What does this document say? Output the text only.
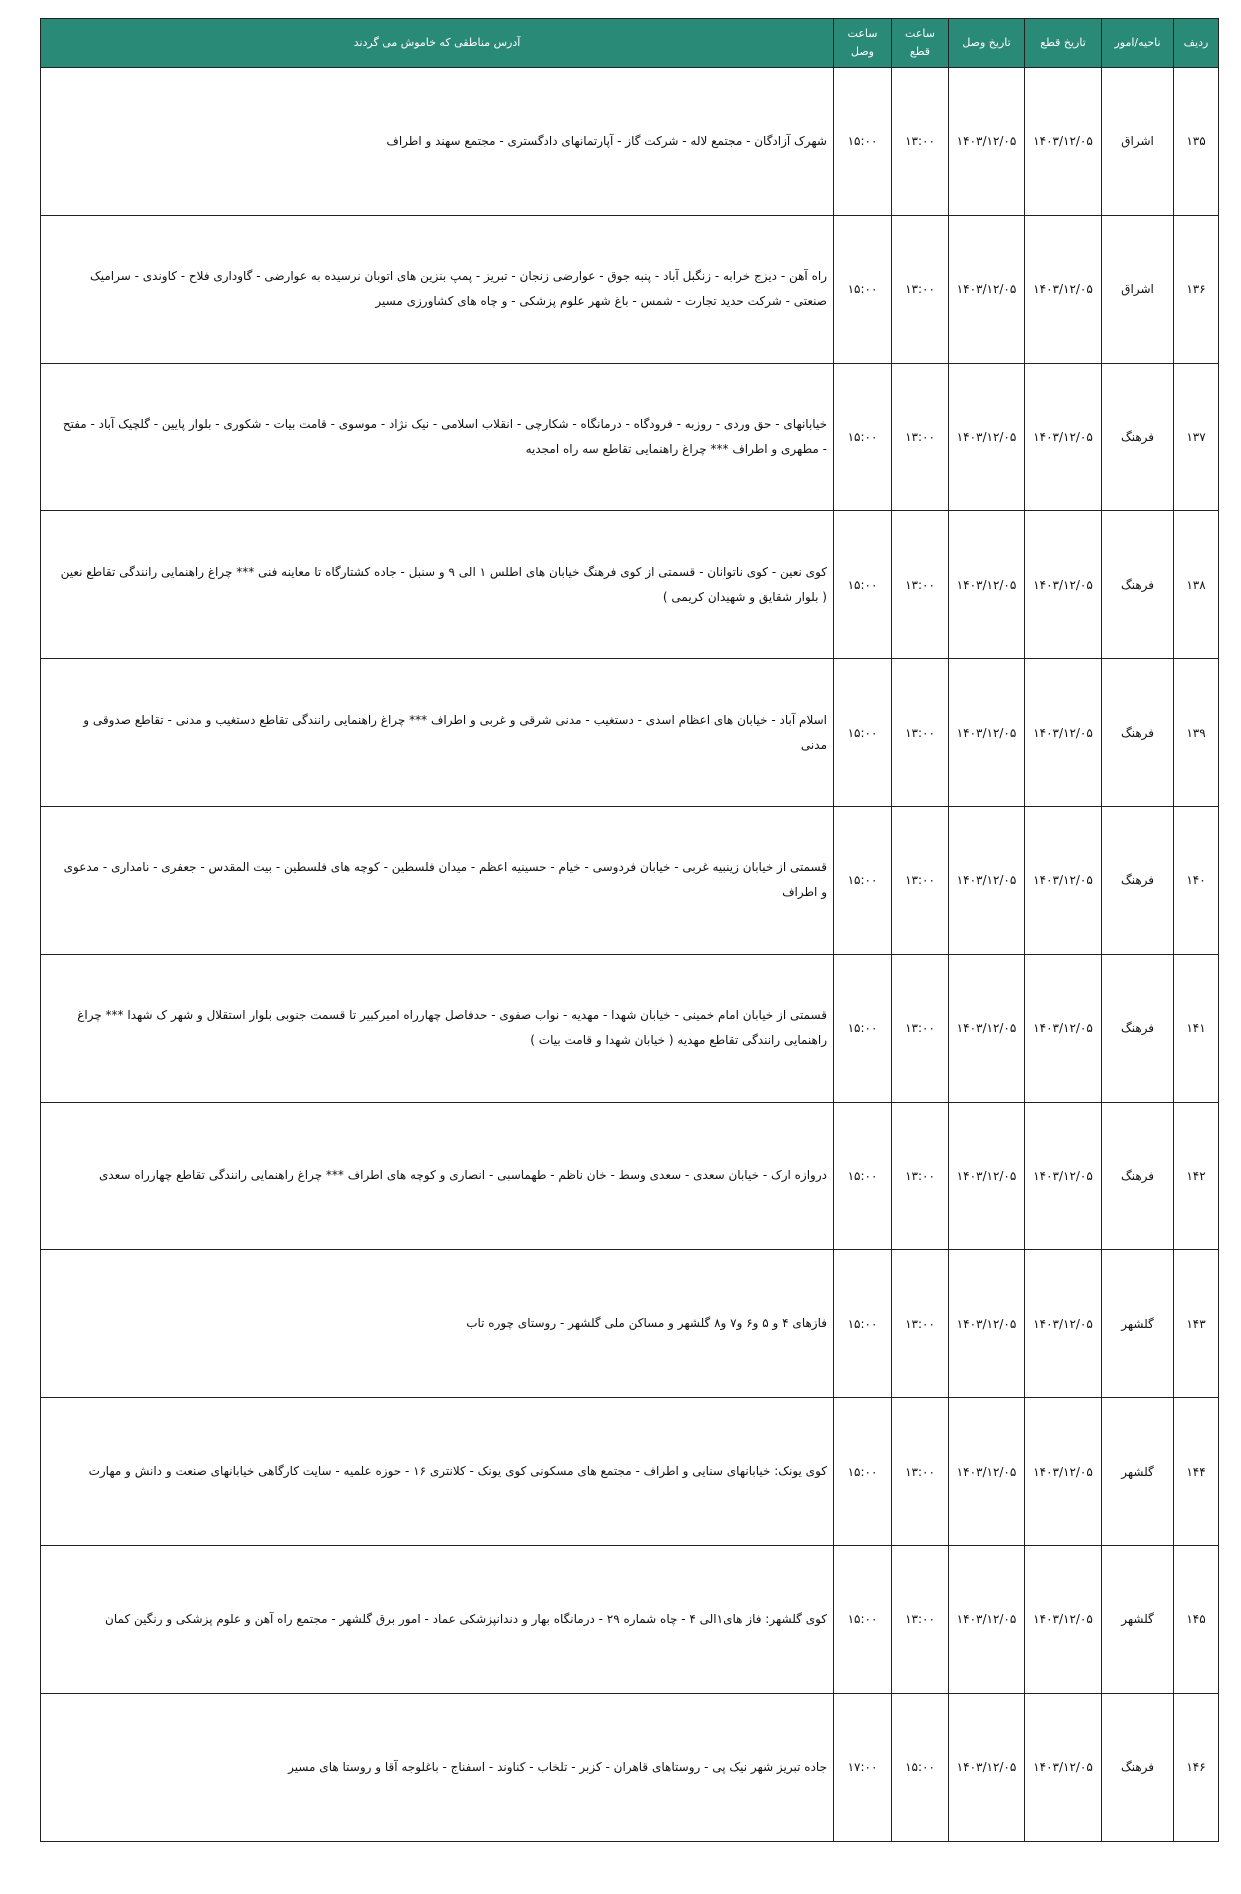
ردیف	ناحیه/امور	تاریخ قطع	تاریخ وصل	ساعت قطع	ساعت وصل	آدرس مناطقی که خاموش می گردند
۱۳۵	اشراق	۱۴۰۳/۱۲/۰۵	۱۴۰۳/۱۲/۰۵	۱۳:۰۰	۱۵:۰۰	شهرک آزادگان - مجتمع لاله - شرکت گاز - آپارتمانهای دادگستری - مجتمع سهند و اطراف
۱۳۶	اشراق	۱۴۰۳/۱۲/۰۵	۱۴۰۳/۱۲/۰۵	۱۳:۰۰	۱۵:۰۰	راه آهن - دیزج خرابه - زنگبل آباد - پنبه جوق - عوارضی زنجان - تبریز - پمپ بنزین های اتوبان نرسیده به عوارضی - گاوداری فلاح - کاوندی - سرامیک صنعتی - شرکت حدید تجارت - شمس - باغ شهر علوم پزشکی - و چاه های کشاورزی مسیر
۱۳۷	فرهنگ	۱۴۰۳/۱۲/۰۵	۱۴۰۳/۱۲/۰۵	۱۳:۰۰	۱۵:۰۰	خیابانهای - حق وردی - روزبه - فرودگاه - درمانگاه - شکارچی - انقلاب اسلامی - نیک نژاد - موسوی - قامت بیات - شکوری - بلوار پایین - گلچیک آباد - مفتح - مطهری و اطراف *** چراغ راهنمایی تقاطع سه راه امجدیه
۱۳۸	فرهنگ	۱۴۰۳/۱۲/۰۵	۱۴۰۳/۱۲/۰۵	۱۳:۰۰	۱۵:۰۰	کوی نعین - کوی ناتوانان - قسمتی از کوی فرهنگ خیابان های اطلس ۱ الی ۹ و سنبل - جاده کشتارگاه تا معاینه فنی *** چراغ راهنمایی رانندگی تقاطع نعین ( بلوار شقایق و شهیدان کریمی )
۱۳۹	فرهنگ	۱۴۰۳/۱۲/۰۵	۱۴۰۳/۱۲/۰۵	۱۳:۰۰	۱۵:۰۰	اسلام آباد - خیابان های اعظام اسدی - دستغیب - مدنی شرقی و غربی و اطراف *** چراغ راهنمایی رانندگی تقاطع دستغیب و مدنی - تقاطع صدوقی و مدنی
۱۴۰	فرهنگ	۱۴۰۳/۱۲/۰۵	۱۴۰۳/۱۲/۰۵	۱۳:۰۰	۱۵:۰۰	قسمتی از خیابان زینبیه غربی - خیابان فردوسی - خیام - حسینیه اعظم - میدان فلسطین - کوچه های فلسطین - بیت المقدس - جعفری - نامداری - مدعوی و اطراف
۱۴۱	فرهنگ	۱۴۰۳/۱۲/۰۵	۱۴۰۳/۱۲/۰۵	۱۳:۰۰	۱۵:۰۰	قسمتی از خیابان امام خمینی - خیابان شهدا - مهدیه - نواب صفوی - حدفاصل چهارراه امیرکبیر تا قسمت جنوبی بلوار استقلال و شهر ک شهدا *** چراغ راهنمایی رانندگی تقاطع مهدیه ( خیابان شهدا و قامت بیات )
۱۴۲	فرهنگ	۱۴۰۳/۱۲/۰۵	۱۴۰۳/۱۲/۰۵	۱۳:۰۰	۱۵:۰۰	دروازه ارک - خیابان سعدی - سعدی وسط - خان ناظم - طهماسبی - انصاری و کوچه های اطراف *** چراغ راهنمایی رانندگی تقاطع چهارراه سعدی
۱۴۳	گلشهر	۱۴۰۳/۱۲/۰۵	۱۴۰۳/۱۲/۰۵	۱۳:۰۰	۱۵:۰۰	فازهای ۴ و ۵ و۶ و۷ و۸ گلشهر و مساکن ملی گلشهر - روستای چوره تاب
۱۴۴	گلشهر	۱۴۰۳/۱۲/۰۵	۱۴۰۳/۱۲/۰۵	۱۳:۰۰	۱۵:۰۰	کوی یونک: خیابانهای سنایی و اطراف - مجتمع های مسکونی کوی یونک - کلانتری ۱۶ - حوزه علمیه - سایت کارگاهی خیابانهای صنعت و دانش و مهارت
۱۴۵	گلشهر	۱۴۰۳/۱۲/۰۵	۱۴۰۳/۱۲/۰۵	۱۳:۰۰	۱۵:۰۰	کوی گلشهر: فاز های۱الی ۴ - چاه شماره ۲۹ - درمانگاه بهار و دندانپزشکی عماد - امور برق گلشهر - مجتمع راه آهن و علوم پزشکی و رنگین کمان
۱۴۶	فرهنگ	۱۴۰۳/۱۲/۰۵	۱۴۰۳/۱۲/۰۵	۱۵:۰۰	۱۷:۰۰	جاده تبریز شهر نیک پی - روستاهای قاهران - کزبر - تلخاب - کناوند - اسفناج - باغلوجه آقا و روستا های مسیر
